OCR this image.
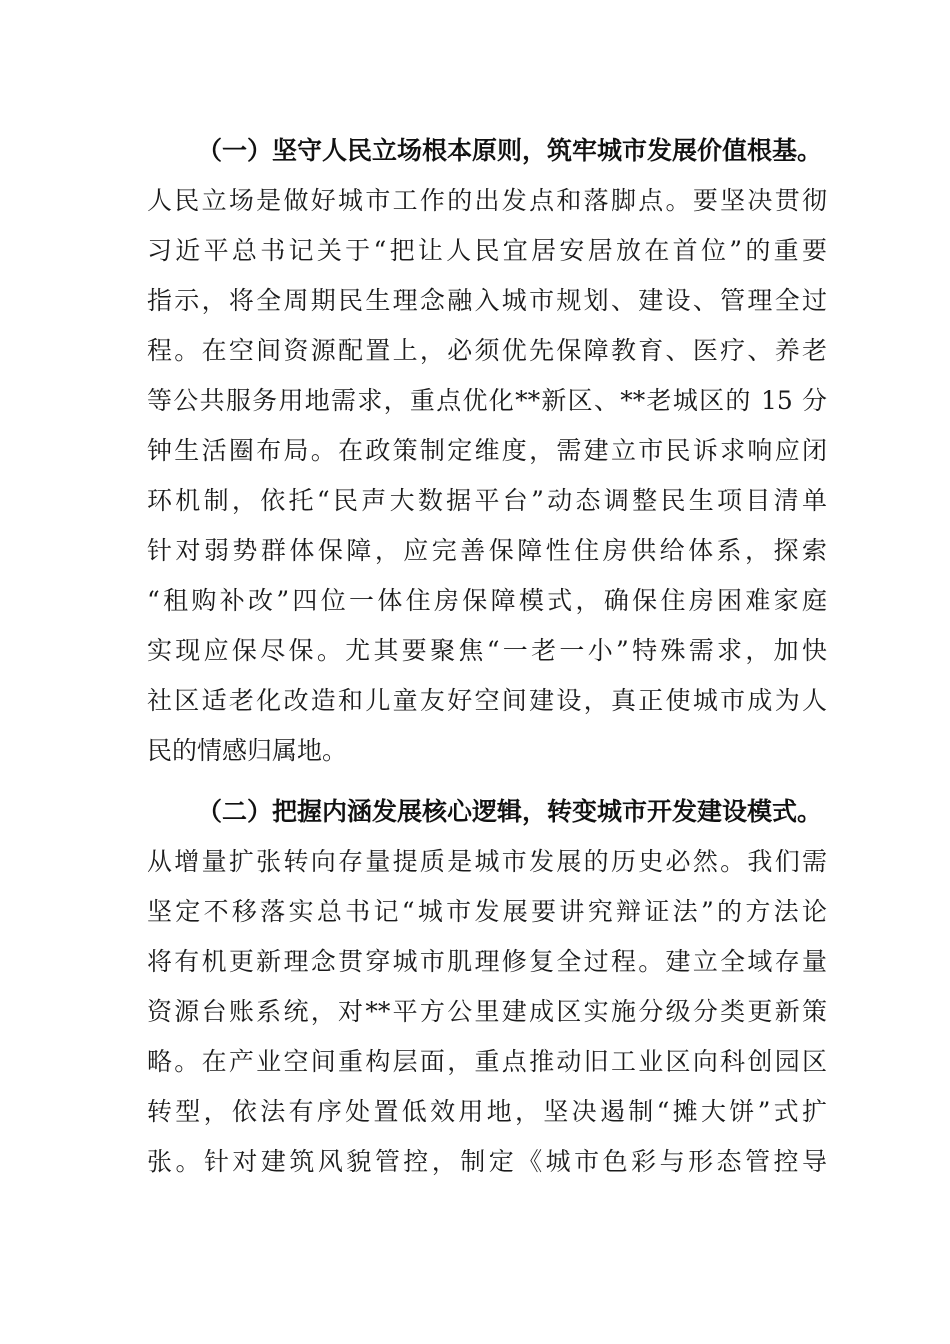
（一）坚守人民立场根本原则，筑牢城市发展价值根基。
人民立场是做好城市工作的出发点和落脚点。要坚决贯彻
习近平总书记关于“把让人民宜居安居放在首位”的重要
指示，将全周期民生理念融入城市规划、建设、管理全过
程。在空间资源配置上，必须优先保障教育、医疗、养老
等公共服务用地需求，重点优化**新区、**老城区的 15 分
钟生活圈布局。在政策制定维度，需建立市民诉求响应闭
环机制，依托“民声大数据平台”动态调整民生项目清单
针对弱势群体保障，应完善保障性住房供给体系，探索
“租购补改”四位一体住房保障模式，确保住房困难家庭
实现应保尽保。尤其要聚焦“一老一小”特殊需求，加快
社区适老化改造和儿童友好空间建设，真正使城市成为人
民的情感归属地。
（二）把握内涵发展核心逻辑，转变城市开发建设模式。
从增量扩张转向存量提质是城市发展的历史必然。我们需
坚定不移落实总书记“城市发展要讲究辩证法”的方法论
将有机更新理念贯穿城市肌理修复全过程。建立全域存量
资源台账系统，对**平方公里建成区实施分级分类更新策
略。在产业空间重构层面，重点推动旧工业区向科创园区
转型，依法有序处置低效用地，坚决遏制“摊大饼”式扩
张。针对建筑风貌管控，制定《城市色彩与形态管控导
